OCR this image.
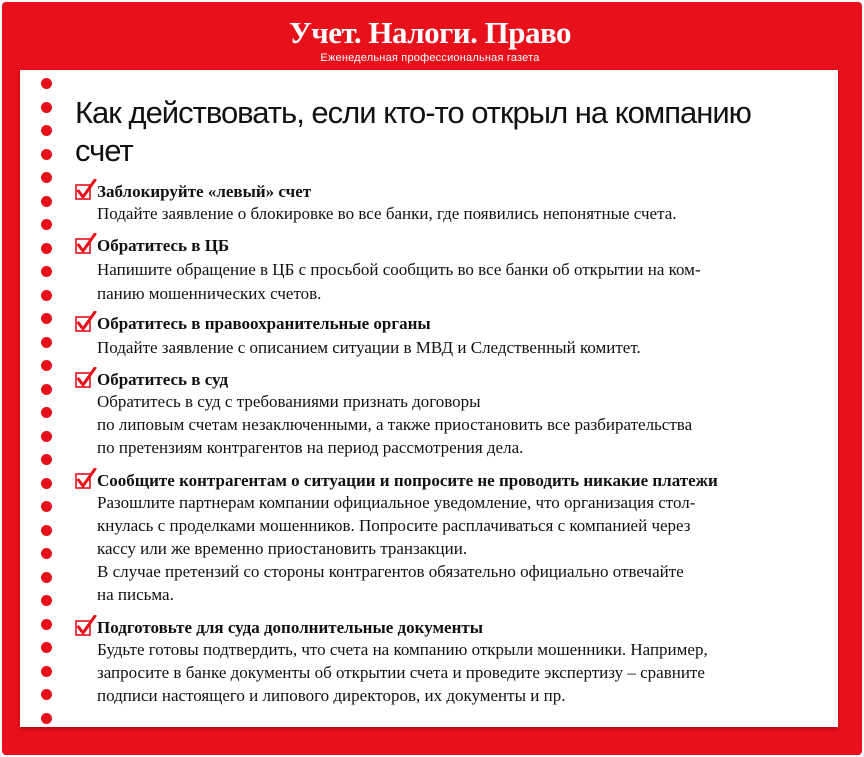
Учет. Налоги. Право
Еженедельная профессиональная газета
Как действовать, если кто-то открыл на компанию счет
Заблокируйте «левый» счет
Подайте заявление о блокировке во все банки, где появились непонятные счета.
Обратитесь в ЦБ
Напишите обращение в ЦБ с просьбой сообщить во все банки об открытии на ком-
панию мошеннических счетов.
Обратитесь в правоохранительные органы
Подайте заявление с описанием ситуации в МВД и Следственный комитет.
Обратитесь в суд
Обратитесь в суд с требованиями признать договоры
по липовым счетам незаключенными, а также приостановить все разбирательства
по претензиям контрагентов на период рассмотрения дела.
Сообщите контрагентам о ситуации и попросите не проводить никакие платежи
Разошлите партнерам компании официальное уведомление, что организация стол-
кнулась с проделками мошенников. Попросите расплачиваться с компанией через
кассу или же временно приостановить транзакции.
В случае претензий со стороны контрагентов обязательно официально отвечайте
на письма.
Подготовьте для суда дополнительные документы
Будьте готовы подтвердить, что счета на компанию открыли мошенники. Например,
запросите в банке документы об открытии счета и проведите экспертизу – сравните
подписи настоящего и липового директоров, их документы и пр.
